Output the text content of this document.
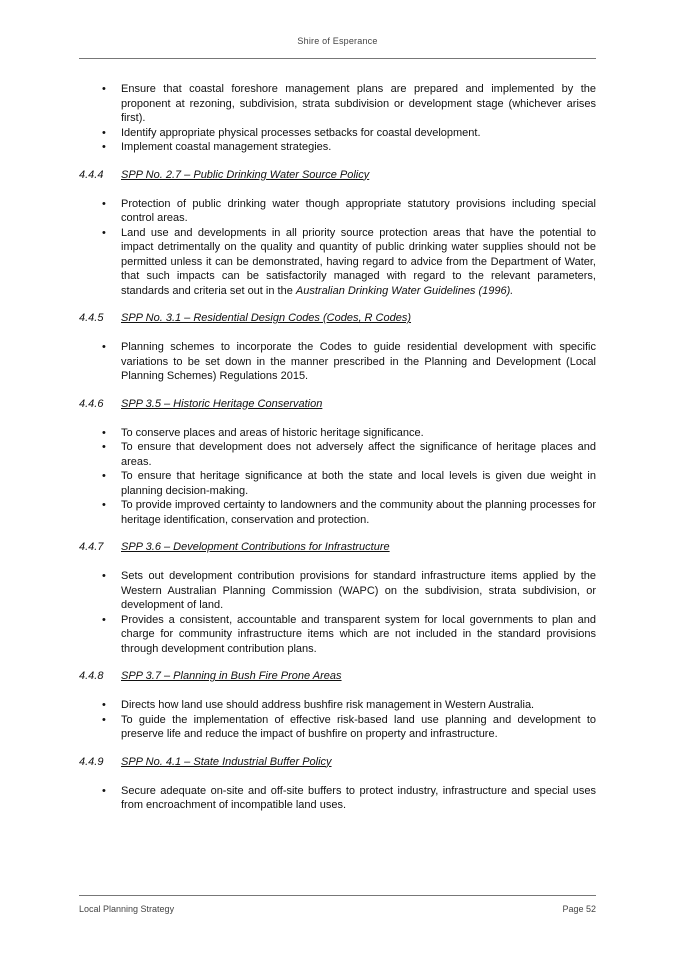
Shire of Esperance
• Ensure that coastal foreshore management plans are prepared and implemented by the proponent at rezoning, subdivision, strata subdivision or development stage (whichever arises first).
• Identify appropriate physical processes setbacks for coastal development.
• Implement coastal management strategies.
4.4.4	SPP No. 2.7 – Public Drinking Water Source Policy
• Protection of public drinking water though appropriate statutory provisions including special control areas.
• Land use and developments in all priority source protection areas that have the potential to impact detrimentally on the quality and quantity of public drinking water supplies should not be permitted unless it can be demonstrated, having regard to advice from the Department of Water, that such impacts can be satisfactorily managed with regard to the relevant parameters, standards and criteria set out in the Australian Drinking Water Guidelines (1996).
4.4.5	SPP No. 3.1 – Residential Design Codes (Codes, R Codes)
• Planning schemes to incorporate the Codes to guide residential development with specific variations to be set down in the manner prescribed in the Planning and Development (Local Planning Schemes) Regulations 2015.
4.4.6	SPP 3.5 – Historic Heritage Conservation
• To conserve places and areas of historic heritage significance.
• To ensure that development does not adversely affect the significance of heritage places and areas.
• To ensure that heritage significance at both the state and local levels is given due weight in planning decision-making.
• To provide improved certainty to landowners and the community about the planning processes for heritage identification, conservation and protection.
4.4.7	SPP 3.6 – Development Contributions for Infrastructure
• Sets out development contribution provisions for standard infrastructure items applied by the Western Australian Planning Commission (WAPC) on the subdivision, strata subdivision, or development of land.
• Provides a consistent, accountable and transparent system for local governments to plan and charge for community infrastructure items which are not included in the standard provisions through development contribution plans.
4.4.8	SPP 3.7 – Planning in Bush Fire Prone Areas
• Directs how land use should address bushfire risk management in Western Australia.
• To guide the implementation of effective risk-based land use planning and development to preserve life and reduce the impact of bushfire on property and infrastructure.
4.4.9	SPP No. 4.1 – State Industrial Buffer Policy
• Secure adequate on-site and off-site buffers to protect industry, infrastructure and special uses from encroachment of incompatible land uses.
Local Planning Strategy	Page 52
